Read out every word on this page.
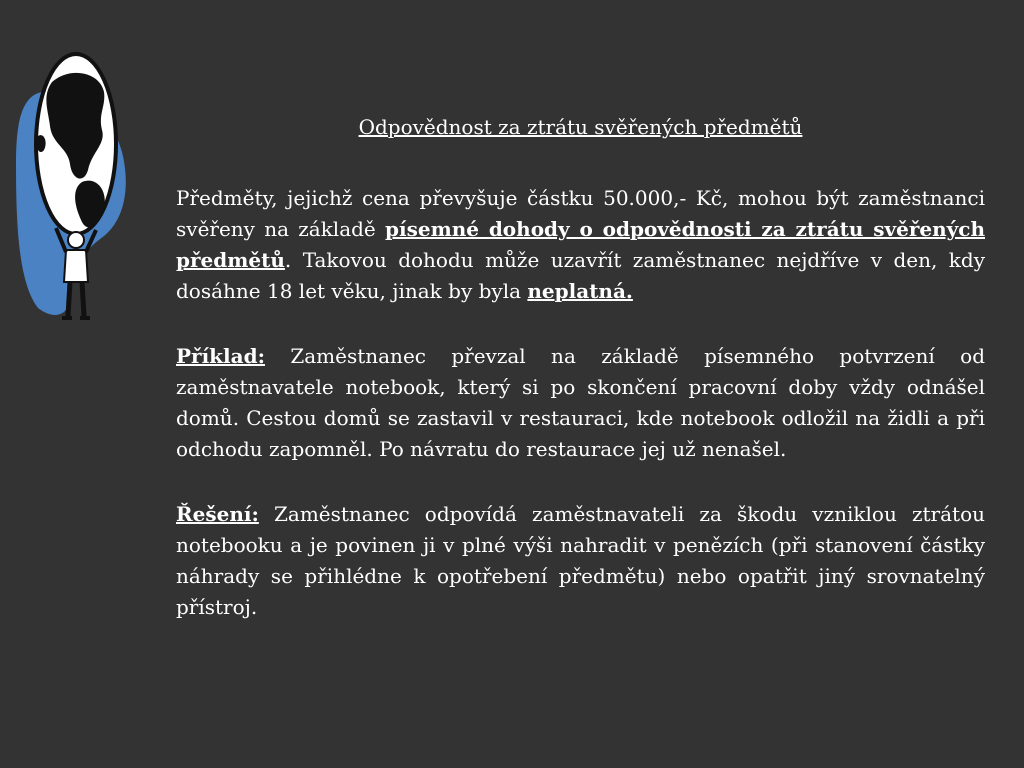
Odpovědnost za ztrátu svěřených předmětů

Předměty, jejichž cena převyšuje částku 50.000,- Kč, mohou být zaměstnanci svěřeny na základě písemné dohody o odpovědnosti za ztrátu svěřených předmětů. Takovou dohodu může uzavřít zaměstnanec nejdříve v den, kdy dosáhne 18 let věku, jinak by byla neplatná.

Příklad: Zaměstnanec převzal na základě písemného potvrzení od zaměstnavatele notebook, který si po skončení pracovní doby vždy odnášel domů. Cestou domů se zastavil v restauraci, kde notebook odložil na židli a při odchodu zapomněl. Po návratu do restaurace jej už nenašel.

Řešení: Zaměstnanec odpovídá zaměstnavateli za škodu vzniklou ztrátou notebooku a je povinen ji v plné výši nahradit v penězích (při stanovení částky náhrady se přihlédne k opotřebení předmětu) nebo opatřit jiný srovnatelný přístroj.
